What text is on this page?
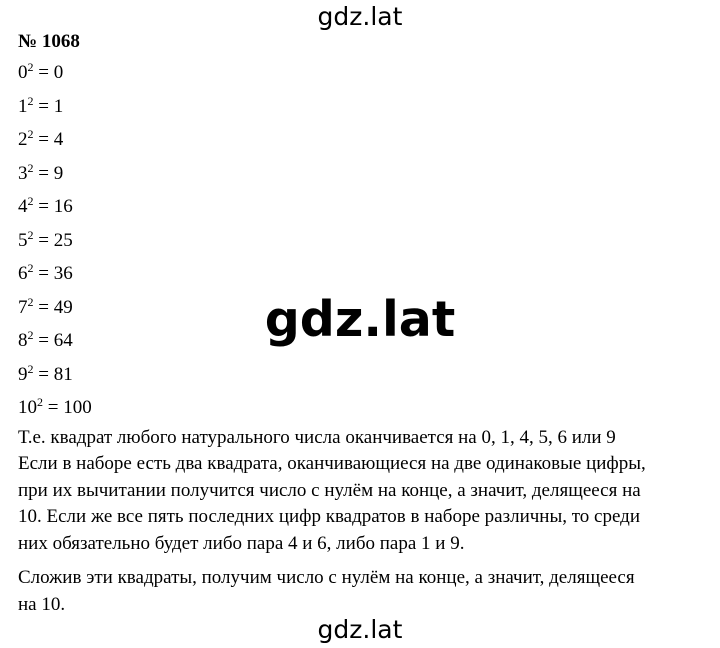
gdz.lat
№ 1068
$0^2 = 0$
$1^2 = 1$
$2^2 = 4$
$3^2 = 9$
$4^2 = 16$
$5^2 = 25$
$6^2 = 36$
$7^2 = 49$
$8^2 = 64$
$9^2 = 81$
$10^2 = 100$
Т.е. квадрат любого натурального числа оканчивается на 0, 1, 4, 5, 6 или 9
Если в наборе есть два квадрата, оканчивающиеся на две одинаковые цифры,
при их вычитании получится число с нулём на конце, а значит, делящееся на
10. Если же все пять последних цифр квадратов в наборе различны, то среди
них обязательно будет либо пара 4 и 6, либо пара 1 и 9.
Сложив эти квадраты, получим число с нулём на конце, а значит, делящееся
на 10.
gdz.lat
gdz.lat
